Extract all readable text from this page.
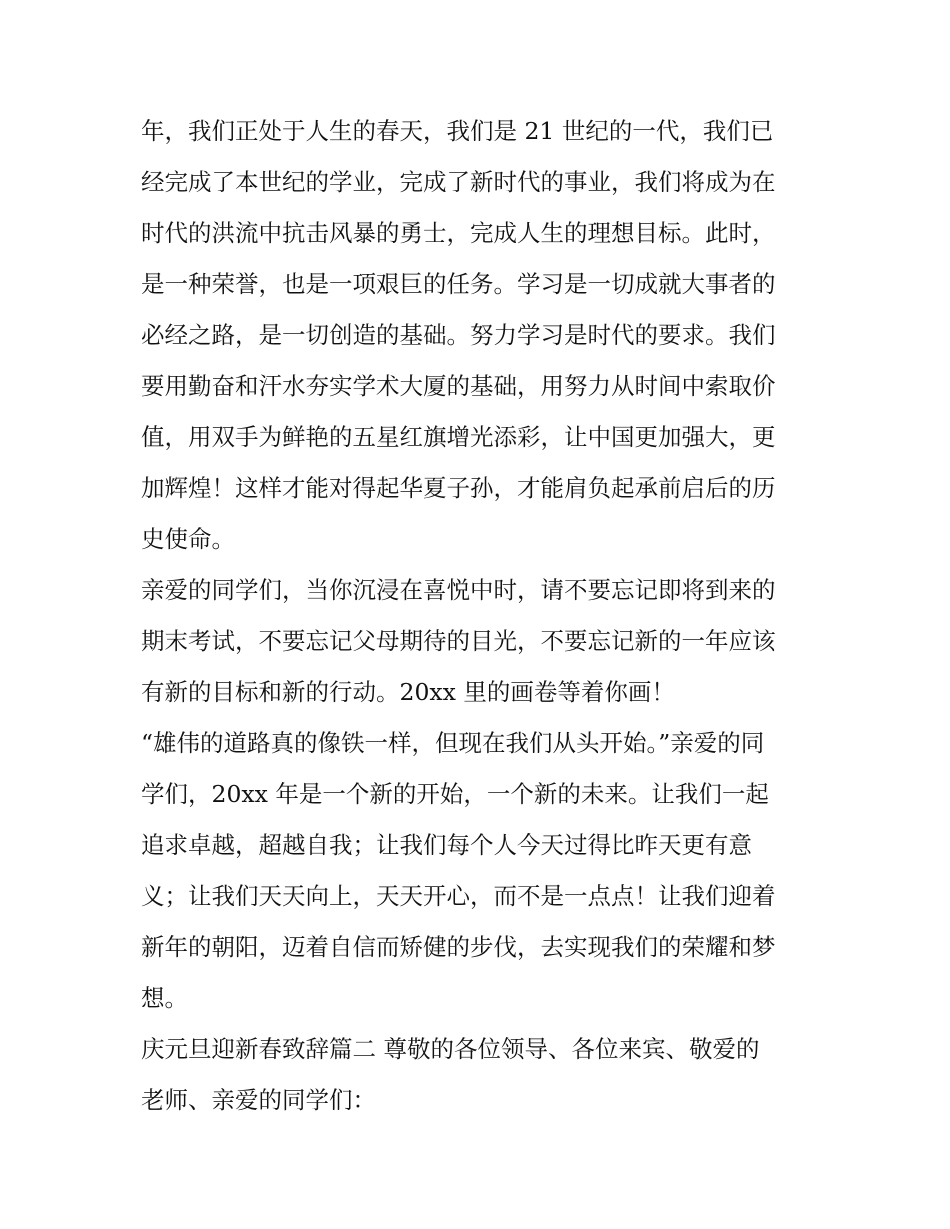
年，我们正处于人生的春天，我们是 21 世纪的一代，我们已
经完成了本世纪的学业，完成了新时代的事业，我们将成为在
时代的洪流中抗击风暴的勇士，完成人生的理想目标。此时，
是一种荣誉，也是一项艰巨的任务。学习是一切成就大事者的
必经之路，是一切创造的基础。努力学习是时代的要求。我们
要用勤奋和汗水夯实学术大厦的基础，用努力从时间中索取价
值，用双手为鲜艳的五星红旗增光添彩，让中国更加强大，更
加辉煌！这样才能对得起华夏子孙，才能肩负起承前启后的历
史使命。
亲爱的同学们，当你沉浸在喜悦中时，请不要忘记即将到来的
期末考试，不要忘记父母期待的目光，不要忘记新的一年应该
有新的目标和新的行动。20xx 里的画卷等着你画！
“雄伟的道路真的像铁一样，但现在我们从头开始。”亲爱的同
学们，20xx 年是一个新的开始，一个新的未来。让我们一起
追求卓越，超越自我；让我们每个人今天过得比昨天更有意
义；让我们天天向上，天天开心，而不是一点点！让我们迎着
新年的朝阳，迈着自信而矫健的步伐，去实现我们的荣耀和梦
想。
庆元旦迎新春致辞篇二 尊敬的各位领导、各位来宾、敬爱的
老师、亲爱的同学们：
